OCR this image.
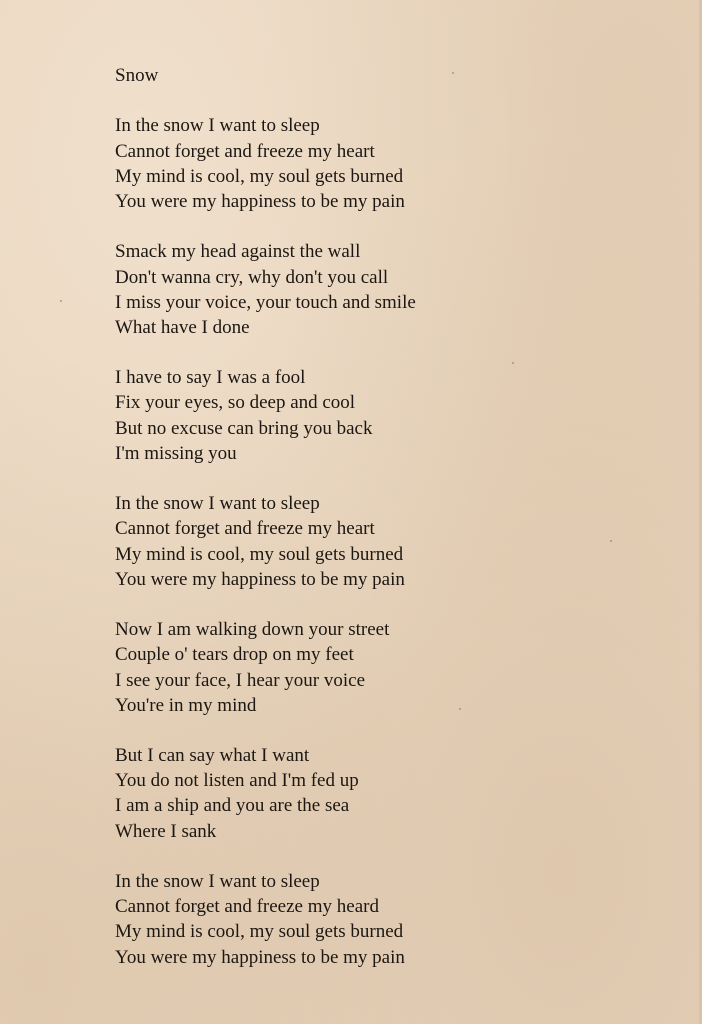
Snow
In the snow I want to sleep
Cannot forget and freeze my heart
My mind is cool, my soul gets burned
You were my happiness to be my pain
Smack my head against the wall
Don't wanna cry, why don't you call
I miss your voice, your touch and smile
What have I done
I have to say I was a fool
Fix your eyes, so deep and cool
But no excuse can bring you back
I'm missing you
In the snow I want to sleep
Cannot forget and freeze my heart
My mind is cool, my soul gets burned
You were my happiness to be my pain
Now I am walking down your street
Couple o' tears drop on my feet
I see your face, I hear your voice
You're in my mind
But I can say what I want
You do not listen and I'm fed up
I am a ship and you are the sea
Where I sank
In the snow I want to sleep
Cannot forget and freeze my heard
My mind is cool, my soul gets burned
You were my happiness to be my pain
